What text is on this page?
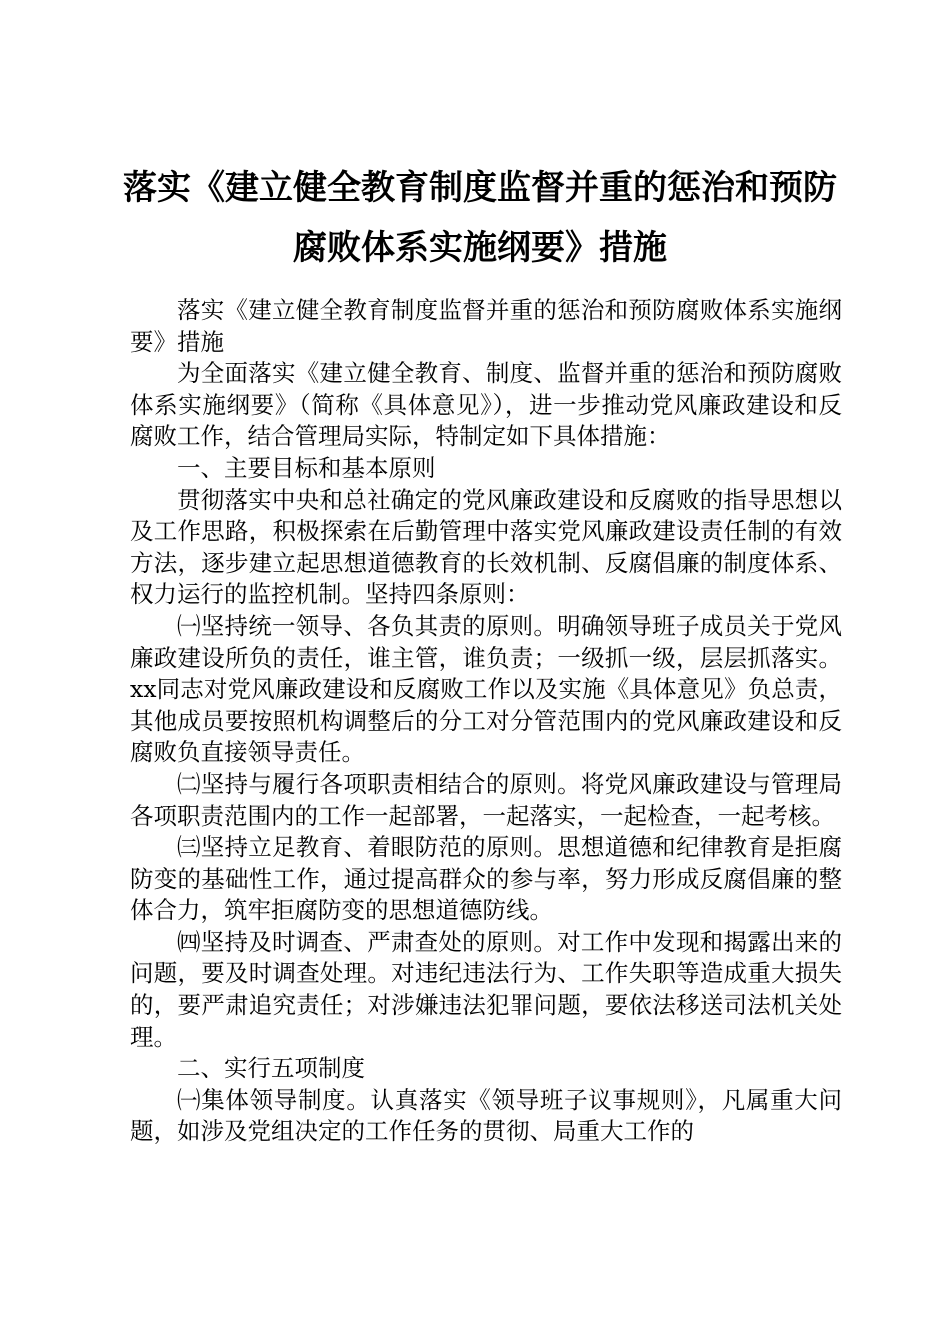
落实《建立健全教育制度监督并重的惩治和预防腐败体系实施纲要》措施

落实《建立健全教育制度监督并重的惩治和预防腐败体系实施纲要》措施

为全面落实《建立健全教育、制度、监督并重的惩治和预防腐败体系实施纲要》（简称《具体意见》），进一步推动党风廉政建设和反腐败工作，结合管理局实际，特制定如下具体措施：

一、主要目标和基本原则

贯彻落实中央和总社确定的党风廉政建设和反腐败的指导思想以及工作思路，积极探索在后勤管理中落实党风廉政建设责任制的有效方法，逐步建立起思想道德教育的长效机制、反腐倡廉的制度体系、权力运行的监控机制。坚持四条原则：

㈠坚持统一领导、各负其责的原则。明确领导班子成员关于党风廉政建设所负的责任，谁主管，谁负责；一级抓一级，层层抓落实。xx同志对党风廉政建设和反腐败工作以及实施《具体意见》负总责，其他成员要按照机构调整后的分工对分管范围内的党风廉政建设和反腐败负直接领导责任。

㈡坚持与履行各项职责相结合的原则。将党风廉政建设与管理局各项职责范围内的工作一起部署，一起落实，一起检查，一起考核。

㈢坚持立足教育、着眼防范的原则。思想道德和纪律教育是拒腐防变的基础性工作，通过提高群众的参与率，努力形成反腐倡廉的整体合力，筑牢拒腐防变的思想道德防线。

㈣坚持及时调查、严肃查处的原则。对工作中发现和揭露出来的问题，要及时调查处理。对违纪违法行为、工作失职等造成重大损失的，要严肃追究责任；对涉嫌违法犯罪问题，要依法移送司法机关处理。

二、实行五项制度

㈠集体领导制度。认真落实《领导班子议事规则》，凡属重大问题，如涉及党组决定的工作任务的贯彻、局重大工作的
